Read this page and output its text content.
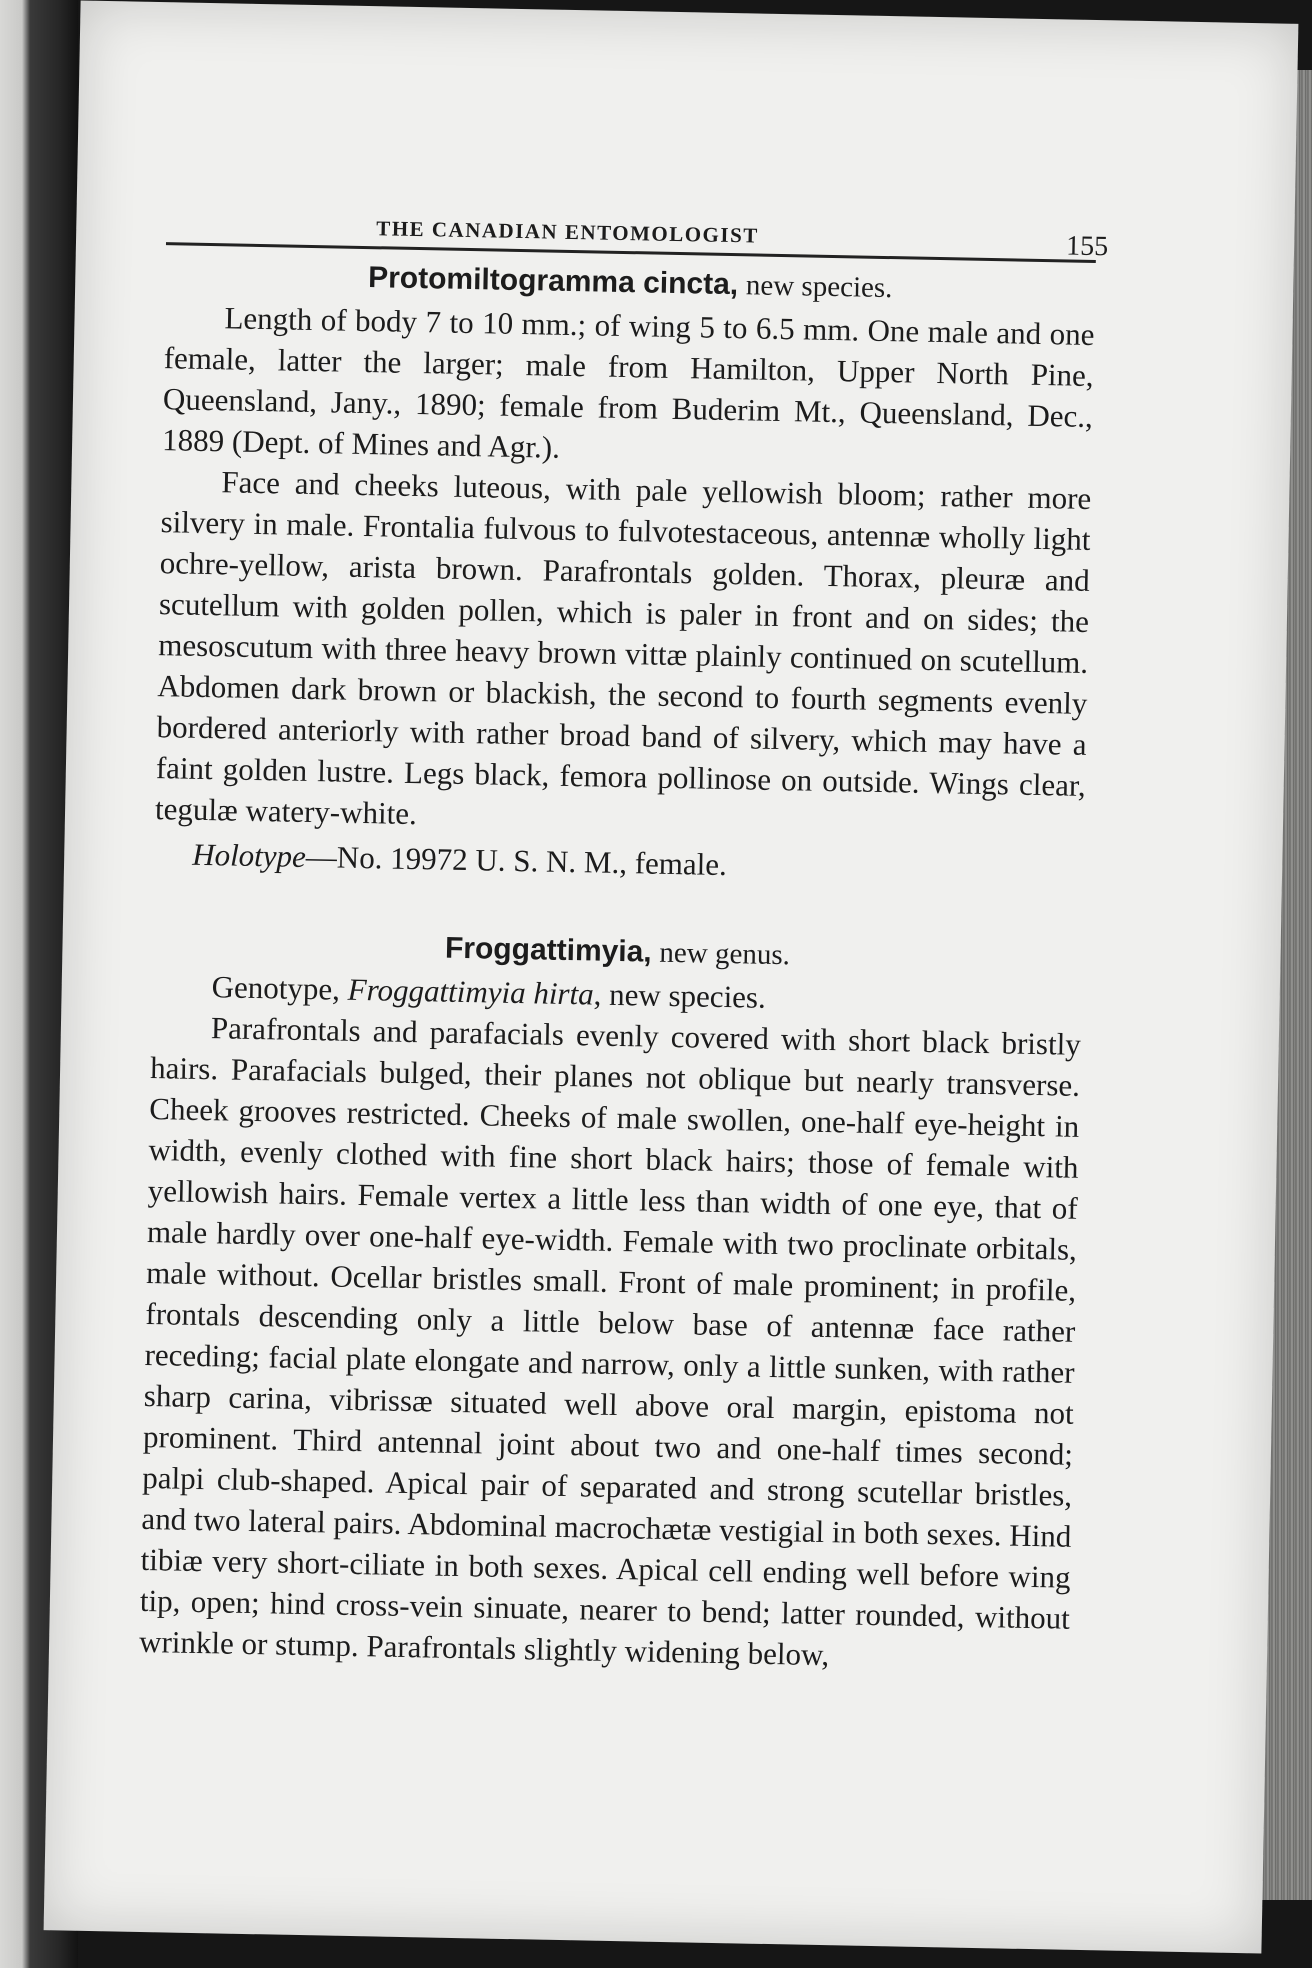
THE CANADIAN ENTOMOLOGIST	155
Protomiltogramma cincta, new species.

Length of body 7 to 10 mm.; of wing 5 to 6.5 mm. One male and one female, latter the larger; male from Hamilton, Upper North Pine, Queensland, Jany., 1890; female from Buderim Mt., Queensland, Dec., 1889 (Dept. of Mines and Agr.).

Face and cheeks luteous, with pale yellowish bloom; rather more silvery in male. Frontalia fulvous to fulvotestaceous, antennæ wholly light ochre-yellow, arista brown. Parafrontals golden. Thorax, pleuræ and scutellum with golden pollen, which is paler in front and on sides; the mesoscutum with three heavy brown vittæ plainly continued on scutellum. Abdomen dark brown or blackish, the second to fourth segments evenly bordered anteriorly with rather broad band of silvery, which may have a faint golden lustre. Legs black, femora pollinose on outside. Wings clear, tegulæ watery-white.

Holotype—No. 19972 U. S. N. M., female.

Froggattimyia, new genus.

Genotype, Froggattimyia hirta, new species.

Parafrontals and parafacials evenly covered with short black bristly hairs. Parafacials bulged, their planes not oblique but nearly transverse. Cheek grooves restricted. Cheeks of male swollen, one-half eye-height in width, evenly clothed with fine short black hairs; those of female with yellowish hairs. Female vertex a little less than width of one eye, that of male hardly over one-half eye-width. Female with two proclinate orbitals, male without. Ocellar bristles small. Front of male prominent; in profile, frontals descending only a little below base of antennæ face rather receding; facial plate elongate and narrow, only a little sunken, with rather sharp carina, vibrissæ situated well above oral margin, epistoma not prominent. Third antennal joint about two and one-half times second; palpi club-shaped. Apical pair of separated and strong scutellar bristles, and two lateral pairs. Abdominal macrochætæ vestigial in both sexes. Hind tibiæ very short-ciliate in both sexes. Apical cell ending well before wing tip, open; hind cross-vein sinuate, nearer to bend; latter rounded, without wrinkle or stump. Parafrontals slightly widening below,
